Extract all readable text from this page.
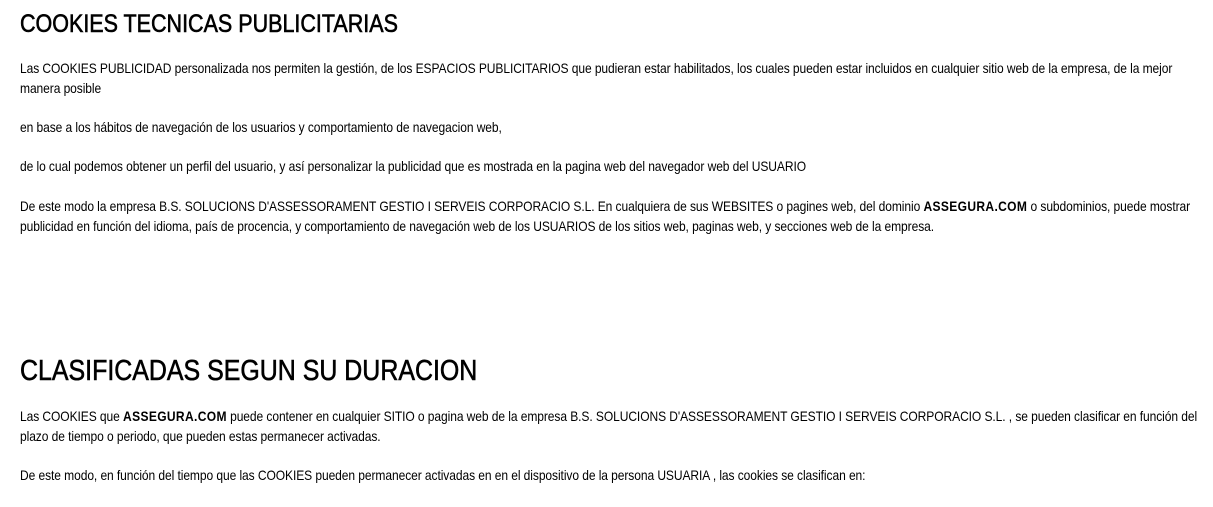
COOKIES TECNICAS PUBLICITARIAS

Las COOKIES PUBLICIDAD personalizada nos permiten la gestión, de los ESPACIOS PUBLICITARIOS que pudieran estar habilitados, los cuales pueden estar incluidos en cualquier sitio web de la empresa, de la mejor manera posible

en base a los hábitos de navegación de los usuarios y comportamiento de navegacion web,

de lo cual podemos obtener un perfil del usuario, y así personalizar la publicidad que es mostrada en la pagina web del navegador web del USUARIO

De este modo la empresa B.S. SOLUCIONS D'ASSESSORAMENT GESTIO I SERVEIS CORPORACIO S.L. En cualquiera de sus WEBSITES o pagines web, del dominio ASSEGURA.COM o subdominios, puede mostrar publicidad en función del idioma, país de procencia, y comportamiento de navegación web de los USUARIOS de los sitios web, paginas web, y secciones web de la empresa.

CLASIFICADAS SEGUN SU DURACION

Las COOKIES que ASSEGURA.COM puede contener en cualquier SITIO o pagina web de la empresa B.S. SOLUCIONS D'ASSESSORAMENT GESTIO I SERVEIS CORPORACIO S.L. , se pueden clasificar en función del plazo de tiempo o periodo, que pueden estas permanecer activadas.

De este modo, en función del tiempo que las COOKIES pueden permanecer activadas en en el dispositivo de la persona USUARIA , las cookies se clasifican en:
